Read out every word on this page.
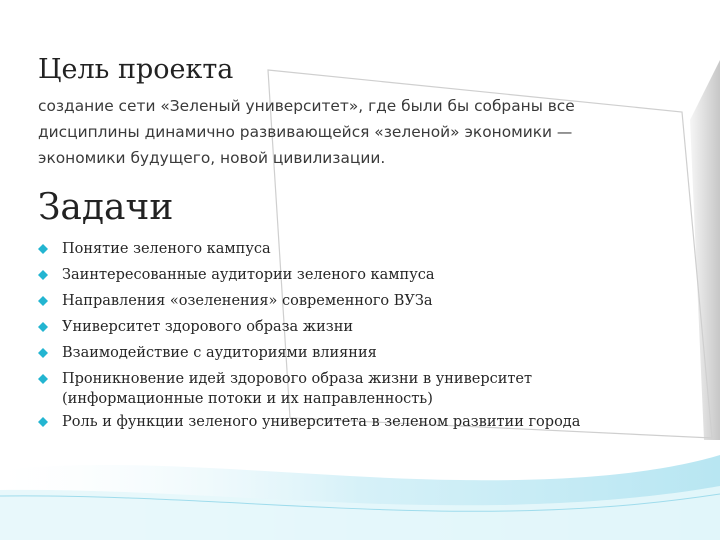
Цель проекта
создание сети «Зеленый университет», где были бы собраны все дисциплины динамично развивающейся «зеленой» экономики — экономики будущего, новой цивилизации.
Задачи
Понятие зеленого кампуса
Заинтересованные аудитории зеленого кампуса
Направления «озеленения» современного ВУЗа
Университет здорового образа жизни
Взаимодействие с аудиториями влияния
Проникновение идей здорового образа жизни в университет
(информационные потоки и их направленность)
Роль и функции зеленого университета в зеленом развитии города
